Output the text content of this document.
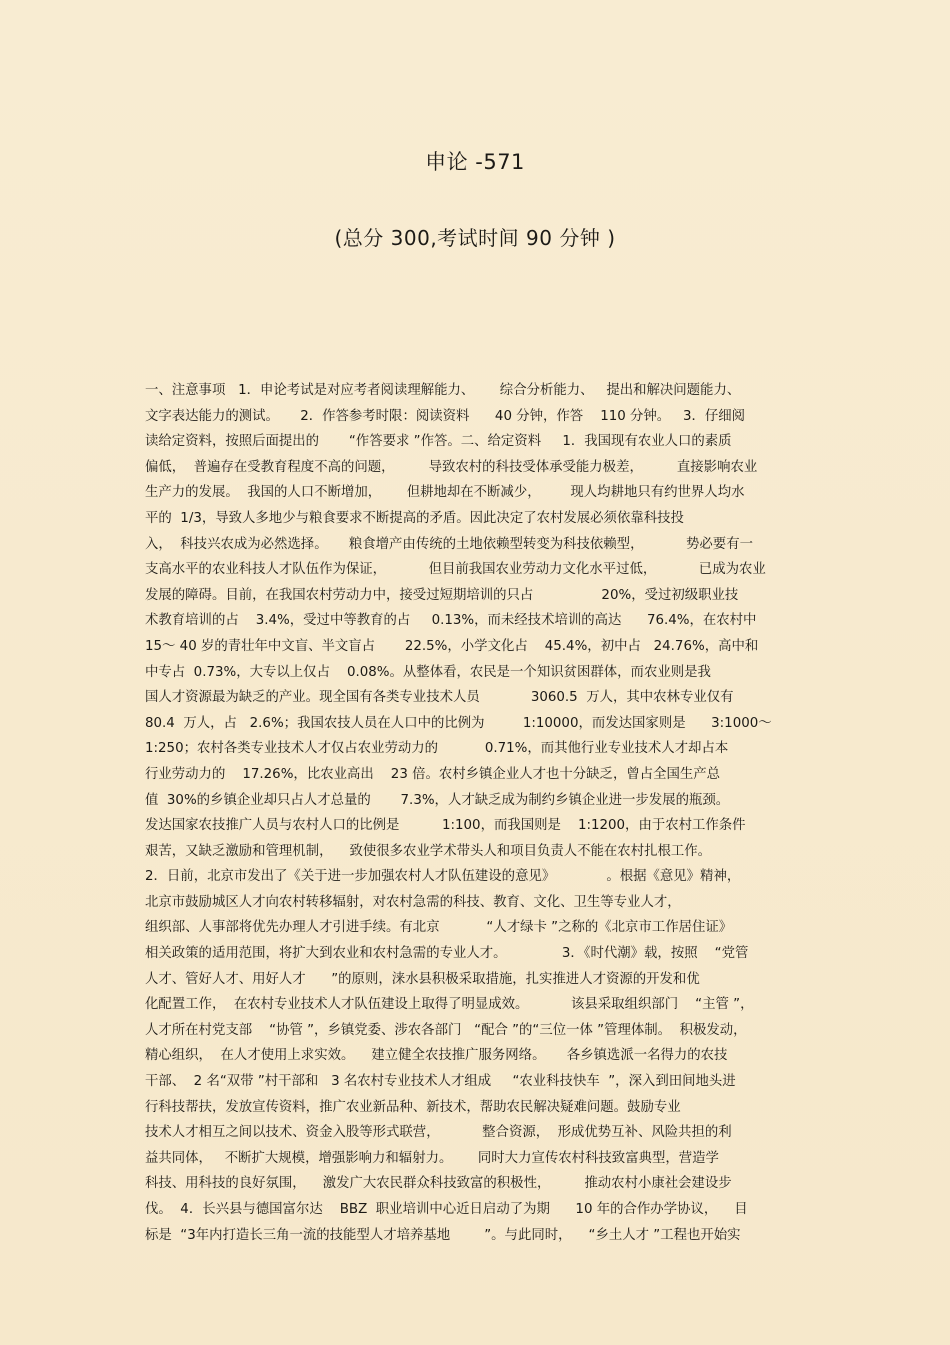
申论 -571
(总分 300,考试时间 90 分钟 )
一、注意事项   1．申论考试是对应考者阅读理解能力、      综合分析能力、   提出和解决问题能力、
文字表达能力的测试。     2．作答参考时限：阅读资料      40 分钟，作答    110 分钟。   3．仔细阅
读给定资料，按照后面提出的       “作答要求 ”作答。二、给定资料     1．我国现有农业人口的素质
偏低，  普遍存在受教育程度不高的问题，        导致农村的科技受体承受能力极差，        直接影响农业
生产力的发展。  我国的人口不断增加，      但耕地却在不断减少，       现人均耕地只有约世界人均水
平的  1/3，导致人多地少与粮食要求不断提高的矛盾。因此决定了农村发展必须依靠科技投
入，  科技兴农成为必然选择。     粮食增产由传统的土地依赖型转变为科技依赖型，          势必要有一
支高水平的农业科技人才队伍作为保证，          但目前我国农业劳动力文化水平过低，          已成为农业
发展的障碍。目前，在我国农村劳动力中，接受过短期培训的只占                20%，受过初级职业技
术教育培训的占    3.4%，受过中等教育的占     0.13%，而未经技术培训的高达      76.4%，在农村中
15～ 40 岁的青壮年中文盲、半文盲占       22.5%，小学文化占    45.4%，初中占   24.76%，高中和
中专占  0.73%，大专以上仅占    0.08%。从整体看，农民是一个知识贫困群体，而农业则是我
国人才资源最为缺乏的产业。现全国有各类专业技术人员            3060.5  万人，其中农林专业仅有
80.4  万人，占   2.6%；我国农技人员在人口中的比例为         1:10000，而发达国家则是      3:1000～
1:250；农村各类专业技术人才仅占农业劳动力的           0.71%，而其他行业专业技术人才却占本
行业劳动力的    17.26%，比农业高出    23 倍。农村乡镇企业人才也十分缺乏，曾占全国生产总
值  30%的乡镇企业却只占人才总量的       7.3%，人才缺乏成为制约乡镇企业进一步发展的瓶颈。
发达国家农技推广人员与农村人口的比例是          1:100，而我国则是    1:1200，由于农村工作条件
艰苦，又缺乏激励和管理机制，    致使很多农业学术带头人和项目负责人不能在农村扎根工作。
2．日前，北京市发出了《关于进一步加强农村人才队伍建设的意见》            。根据《意见》精神，
北京市鼓励城区人才向农村转移辐射，对农村急需的科技、教育、文化、卫生等专业人才，
组织部、人事部将优先办理人才引进手续。有北京           “人才绿卡 ”之称的《北京市工作居住证》
相关政策的适用范围，将扩大到农业和农村急需的专业人才。             3．《时代潮》载，按照    “党管
人才、管好人才、用好人才      ”的原则，涞水县积极采取措施，扎实推进人才资源的开发和优
化配置工作，  在农村专业技术人才队伍建设上取得了明显成效。          该县采取组织部门    “主管 ”，
人才所在村党支部    “协管 ”，乡镇党委、涉农各部门   “配合 ”的“三位一体 ”管理体制。  积极发动，
精心组织，  在人才使用上求实效。    建立健全农技推广服务网络。     各乡镇选派一名得力的农技
干部、  2 名“双带 ”村干部和   3 名农村专业技术人才组成     “农业科技快车  ”，深入到田间地头进
行科技帮扶，发放宣传资料，推广农业新品种、新技术，帮助农民解决疑难问题。鼓励专业
技术人才相互之间以技术、资金入股等形式联营，          整合资源，  形成优势互补、风险共担的利
益共同体，   不断扩大规模，增强影响力和辐射力。      同时大力宣传农村科技致富典型，营造学
科技、用科技的良好氛围，    激发广大农民群众科技致富的积极性，        推动农村小康社会建设步
伐。  4．长兴县与德国富尔达    BBZ  职业培训中心近日启动了为期      10 年的合作办学协议，    目
标是  “3年内打造长三角一流的技能型人才培养基地        ”。与此同时，    “乡土人才 ”工程也开始实
